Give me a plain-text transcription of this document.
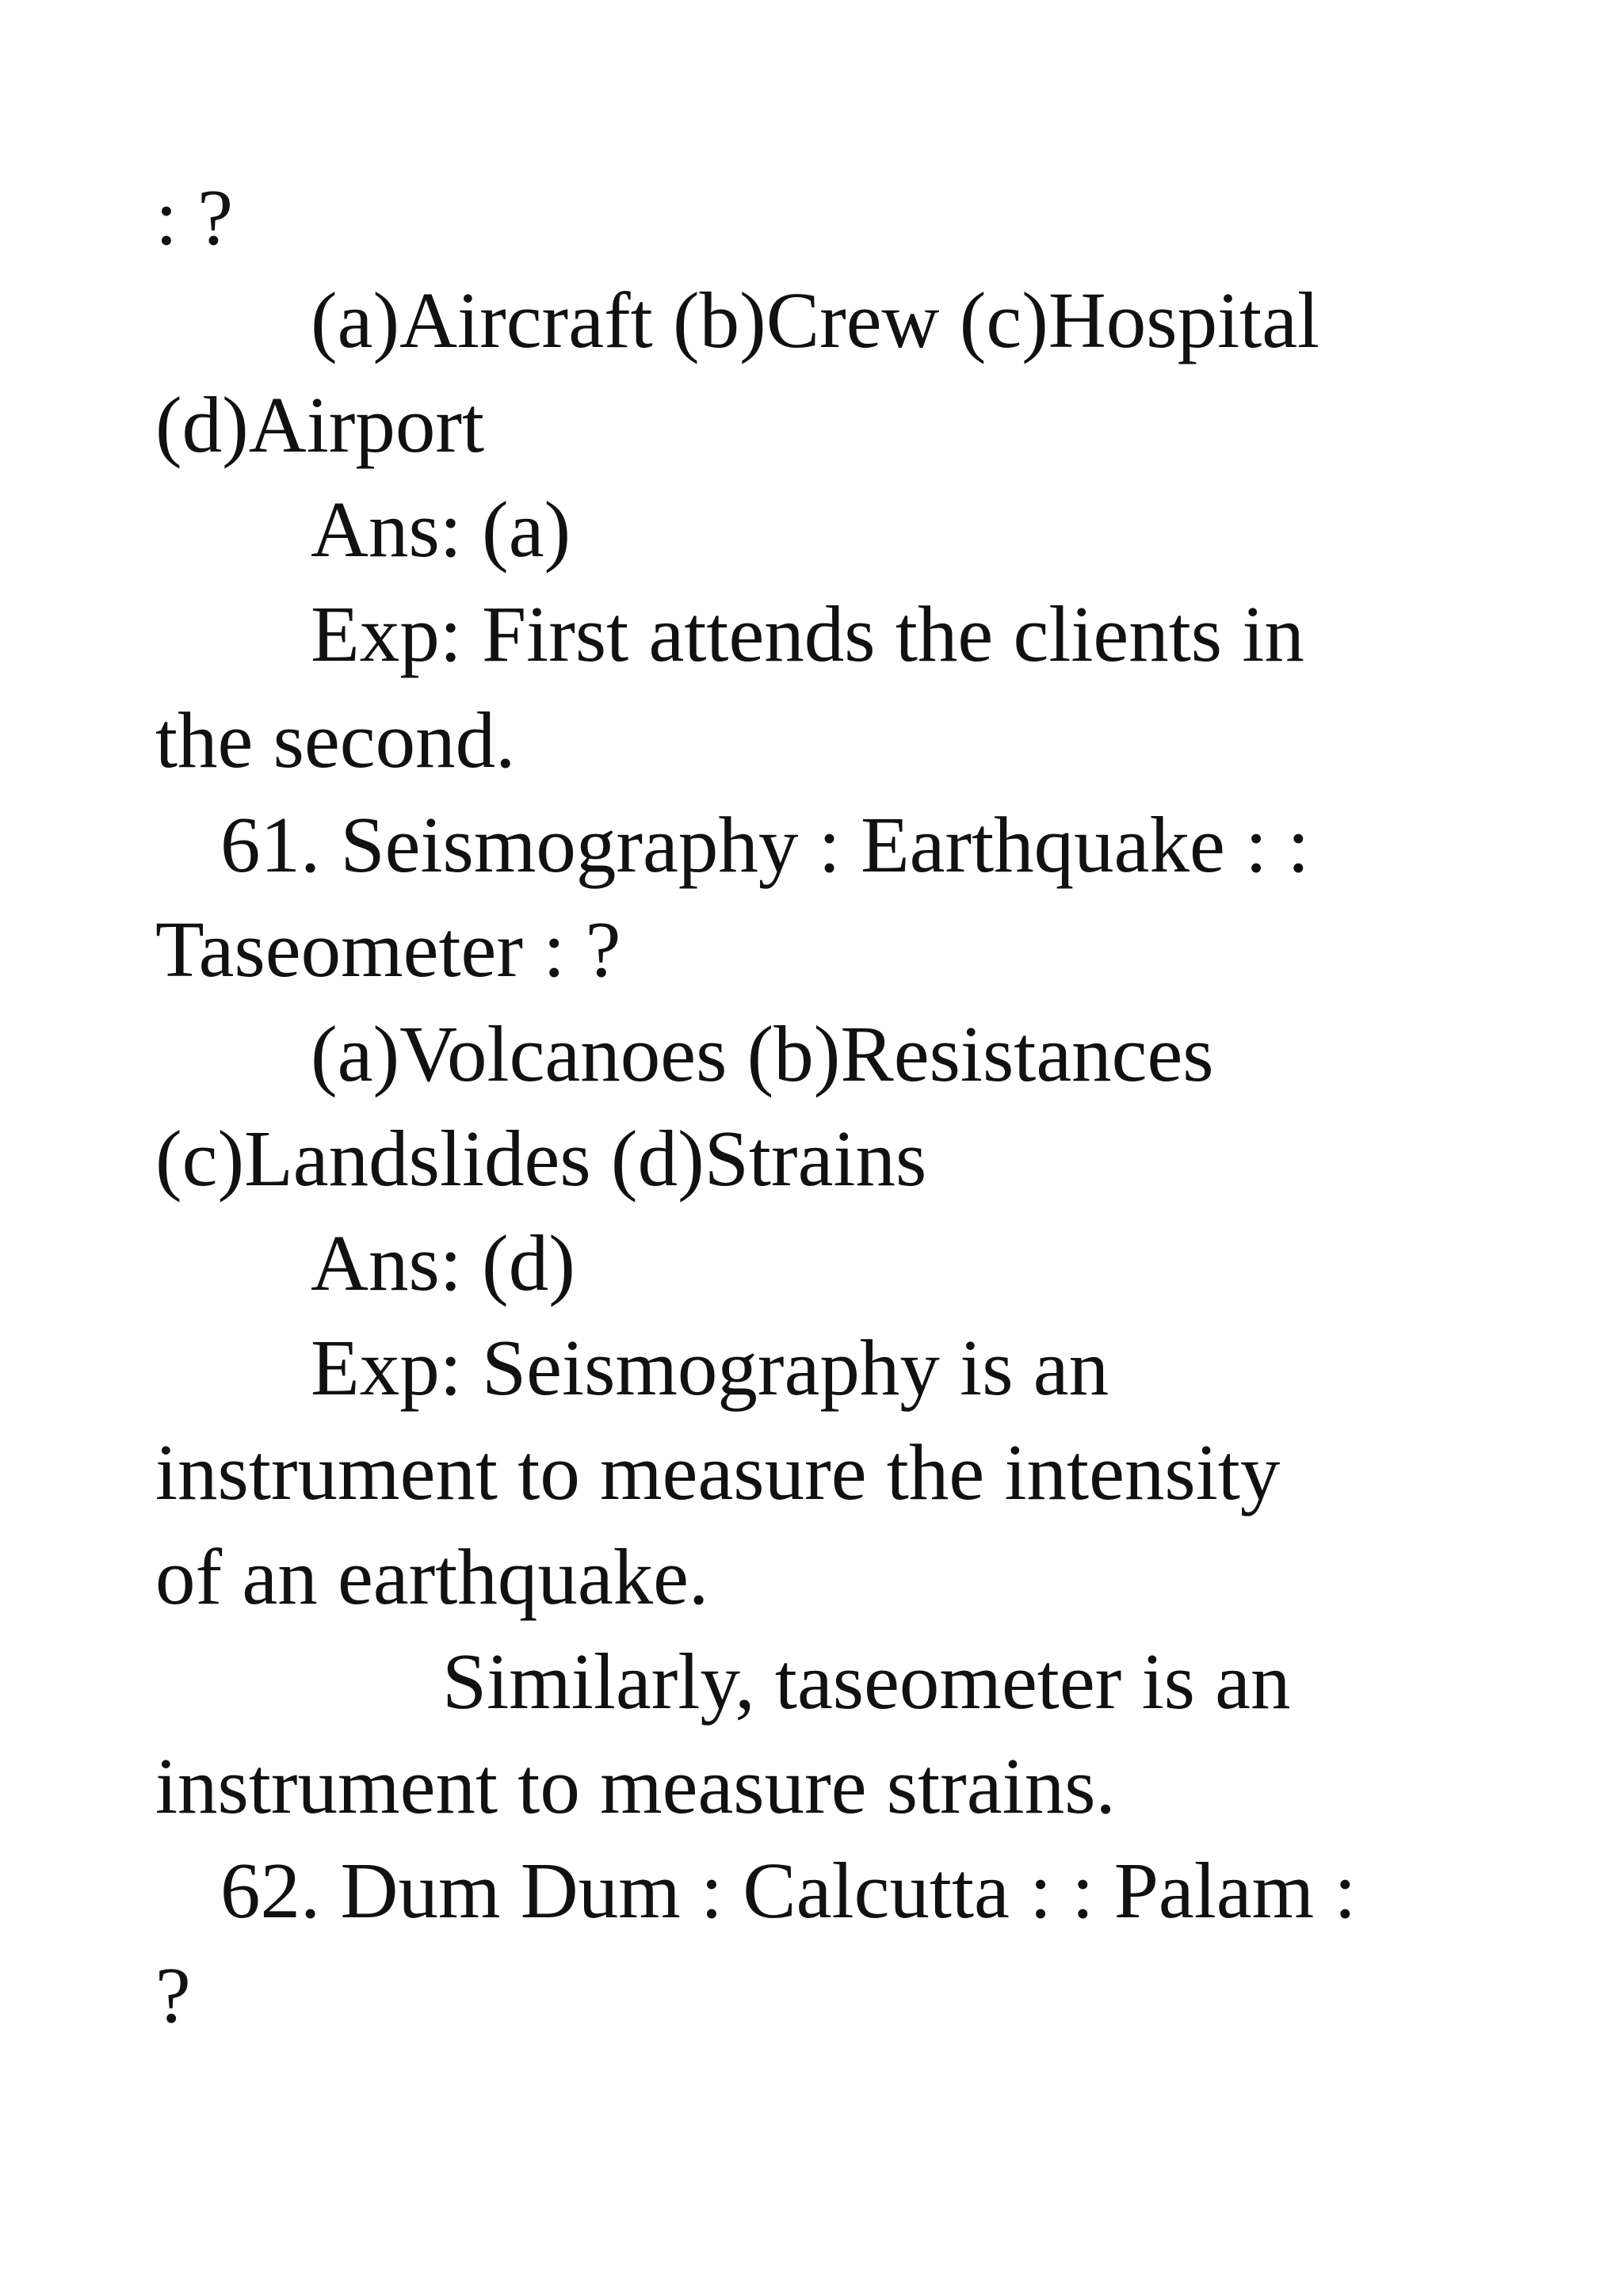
: ?
(a)Aircraft (b)Crew (c)Hospital
(d)Airport
Ans: (a)
Exp: First attends the clients in
the second.
61. Seismography : Earthquake : :
Taseometer : ?
(a)Volcanoes (b)Resistances
(c)Landslides (d)Strains
Ans: (d)
Exp: Seismography is an
instrument to measure the intensity
of an earthquake.
Similarly, taseometer is an
instrument to measure strains.
62. Dum Dum : Calcutta : : Palam :
?
